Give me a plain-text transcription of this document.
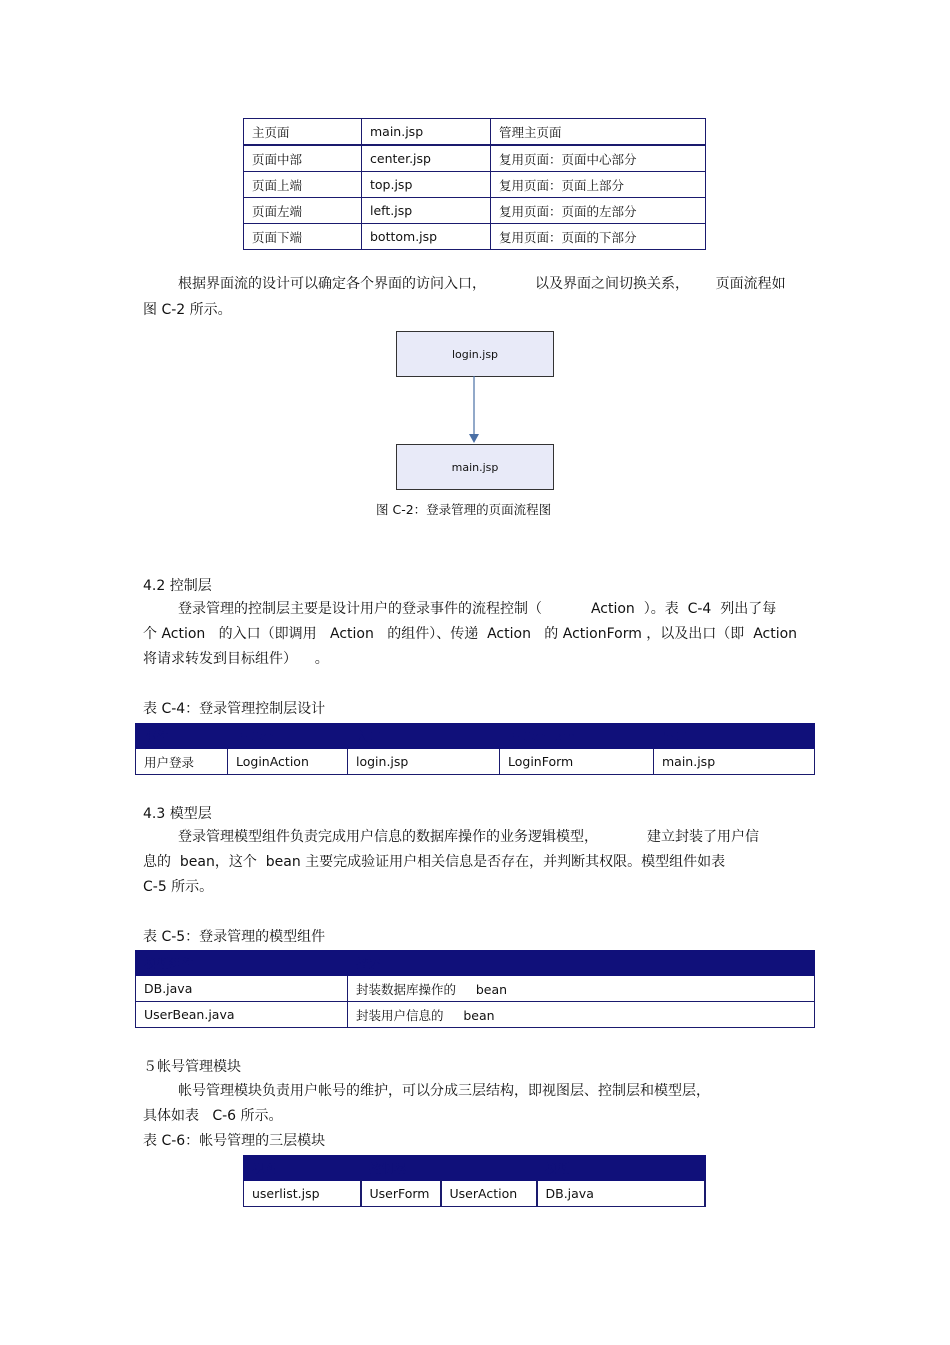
主页面	main.jsp	管理主页面
页面中部	center.jsp	复用页面：页面中心部分
页面上端	top.jsp	复用页面：页面上部分
页面左端	left.jsp	复用页面：页面的左部分
页面下端	bottom.jsp	复用页面：页面的下部分
根据界面流的设计可以确定各个界面的访问入口，           以及界面之间切换关系，      页面流程如
图 C-2 所示。
login.jsp
main.jsp
图 C-2：登录管理的页面流程图
4.2 控制层
登录管理的控制层主要是设计用户的登录事件的流程控制（           Action  ）。表  C-4  列出了每
个 Action   的入口（即调用   Action   的组件）、传递  Action   的 ActionForm ，以及出口（即  Action
将请求转发到目标组件）    。
表 C-4：登录管理控制层设计
事件	Action	入口	ActionForm	出口
用户登录	LoginAction	login.jsp	LoginForm	main.jsp
4.3 模型层
登录管理模型组件负责完成用户信息的数据库操作的业务逻辑模型，           建立封装了用户信
息的  bean，这个  bean 主要完成验证用户相关信息是否存在，并判断其权限。模型组件如表
C-5 所示。
表 C-5：登录管理的模型组件
模型组件	描述
DB.java	封装数据库操作的     bean
UserBean.java	封装用户信息的     bean
５帐号管理模块
帐号管理模块负责用户帐号的维护，可以分成三层结构，即视图层、控制层和模型层，
具体如表   C-6 所示。
表 C-6：帐号管理的三层模块
视图	控制器		模型
userlist.jsp	UserForm	UserAction	DB.java
